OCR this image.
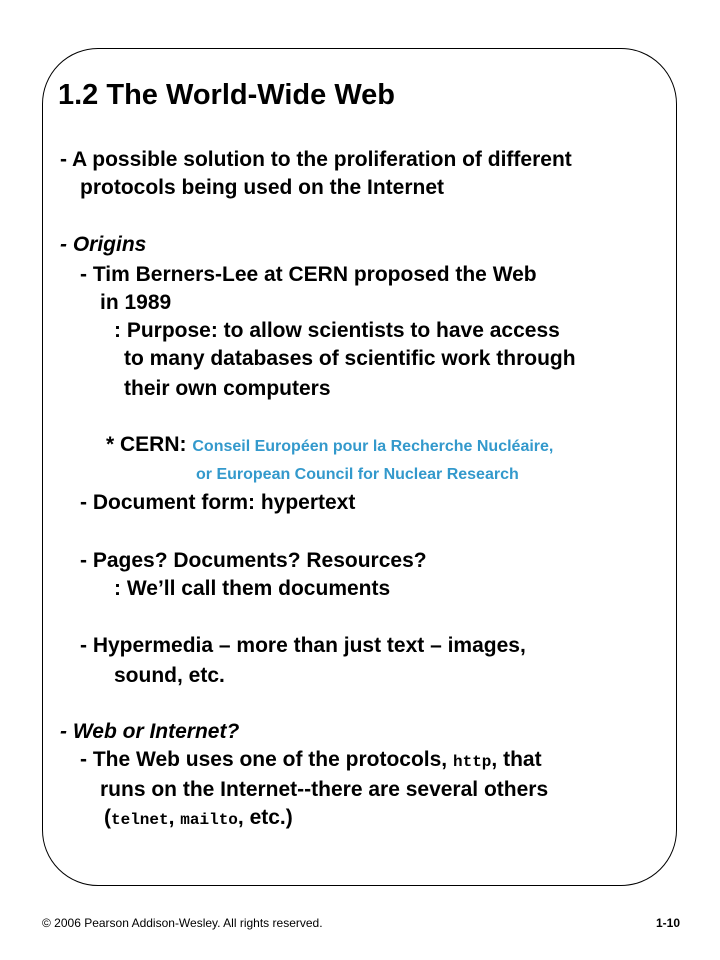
1.2 The World-Wide Web
- A possible solution to the proliferation of different
protocols being used on the Internet
- Origins
- Tim Berners-Lee at CERN proposed the Web
in 1989
: Purpose: to allow scientists to have access
to many databases of scientific work through
their own computers
* CERN: Conseil Européen pour la Recherche Nucléaire,
or European Council for Nuclear Research
- Document form: hypertext
- Pages? Documents? Resources?
: We’ll call them documents
- Hypermedia – more than just text – images,
sound, etc.
- Web or Internet?
- The Web uses one of the protocols, http, that
runs on the Internet--there are several others
(telnet, mailto, etc.)
© 2006 Pearson Addison-Wesley. All rights reserved.	1-10
